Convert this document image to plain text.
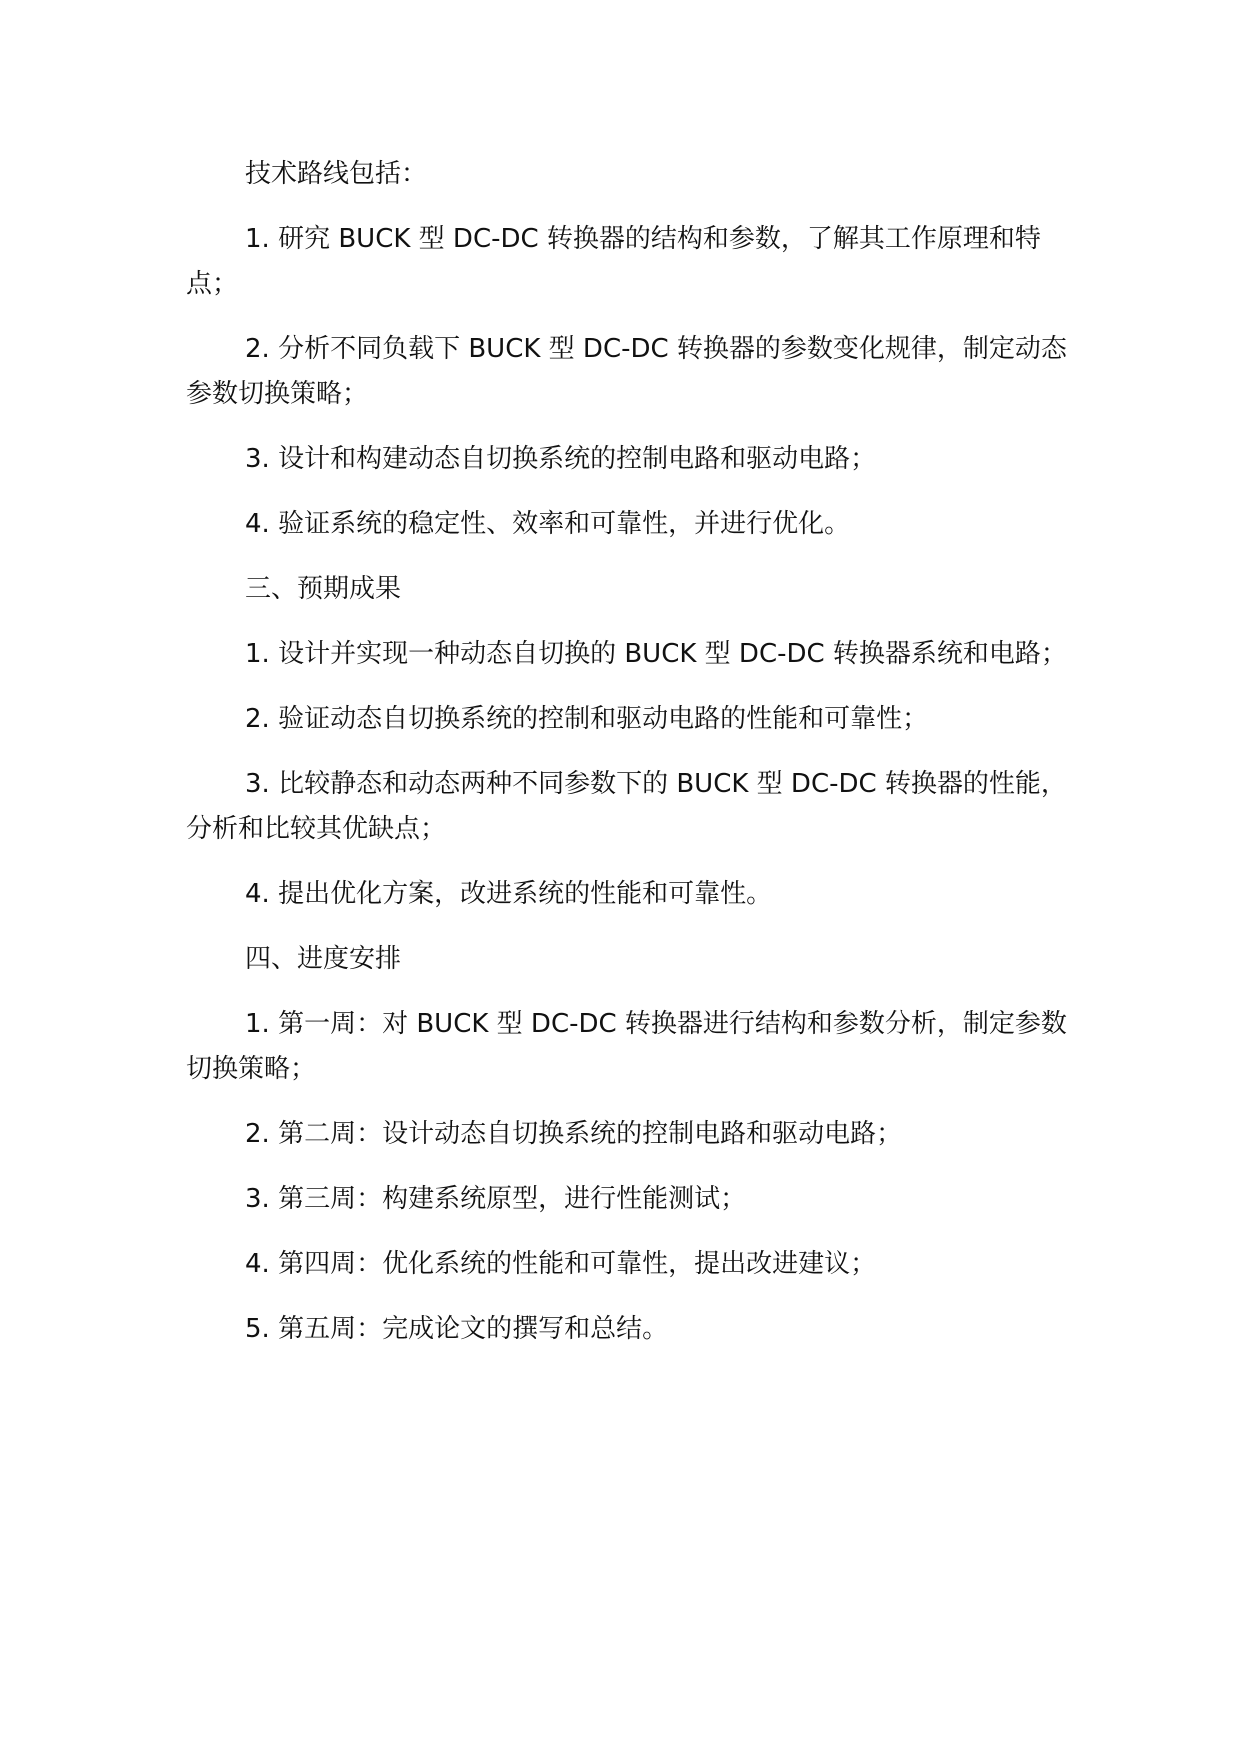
技术路线包括：

1. 研究 BUCK 型 DC-DC 转换器的结构和参数，了解其工作原理和特点；

2. 分析不同负载下 BUCK 型 DC-DC 转换器的参数变化规律，制定动态参数切换策略；

3. 设计和构建动态自切换系统的控制电路和驱动电路；

4. 验证系统的稳定性、效率和可靠性，并进行优化。

三、预期成果

1. 设计并实现一种动态自切换的 BUCK 型 DC-DC 转换器系统和电路；

2. 验证动态自切换系统的控制和驱动电路的性能和可靠性；

3. 比较静态和动态两种不同参数下的 BUCK 型 DC-DC 转换器的性能，分析和比较其优缺点；

4. 提出优化方案，改进系统的性能和可靠性。

四、进度安排

1. 第一周：对 BUCK 型 DC-DC 转换器进行结构和参数分析，制定参数切换策略；

2. 第二周：设计动态自切换系统的控制电路和驱动电路；

3. 第三周：构建系统原型，进行性能测试；

4. 第四周：优化系统的性能和可靠性，提出改进建议；

5. 第五周：完成论文的撰写和总结。
